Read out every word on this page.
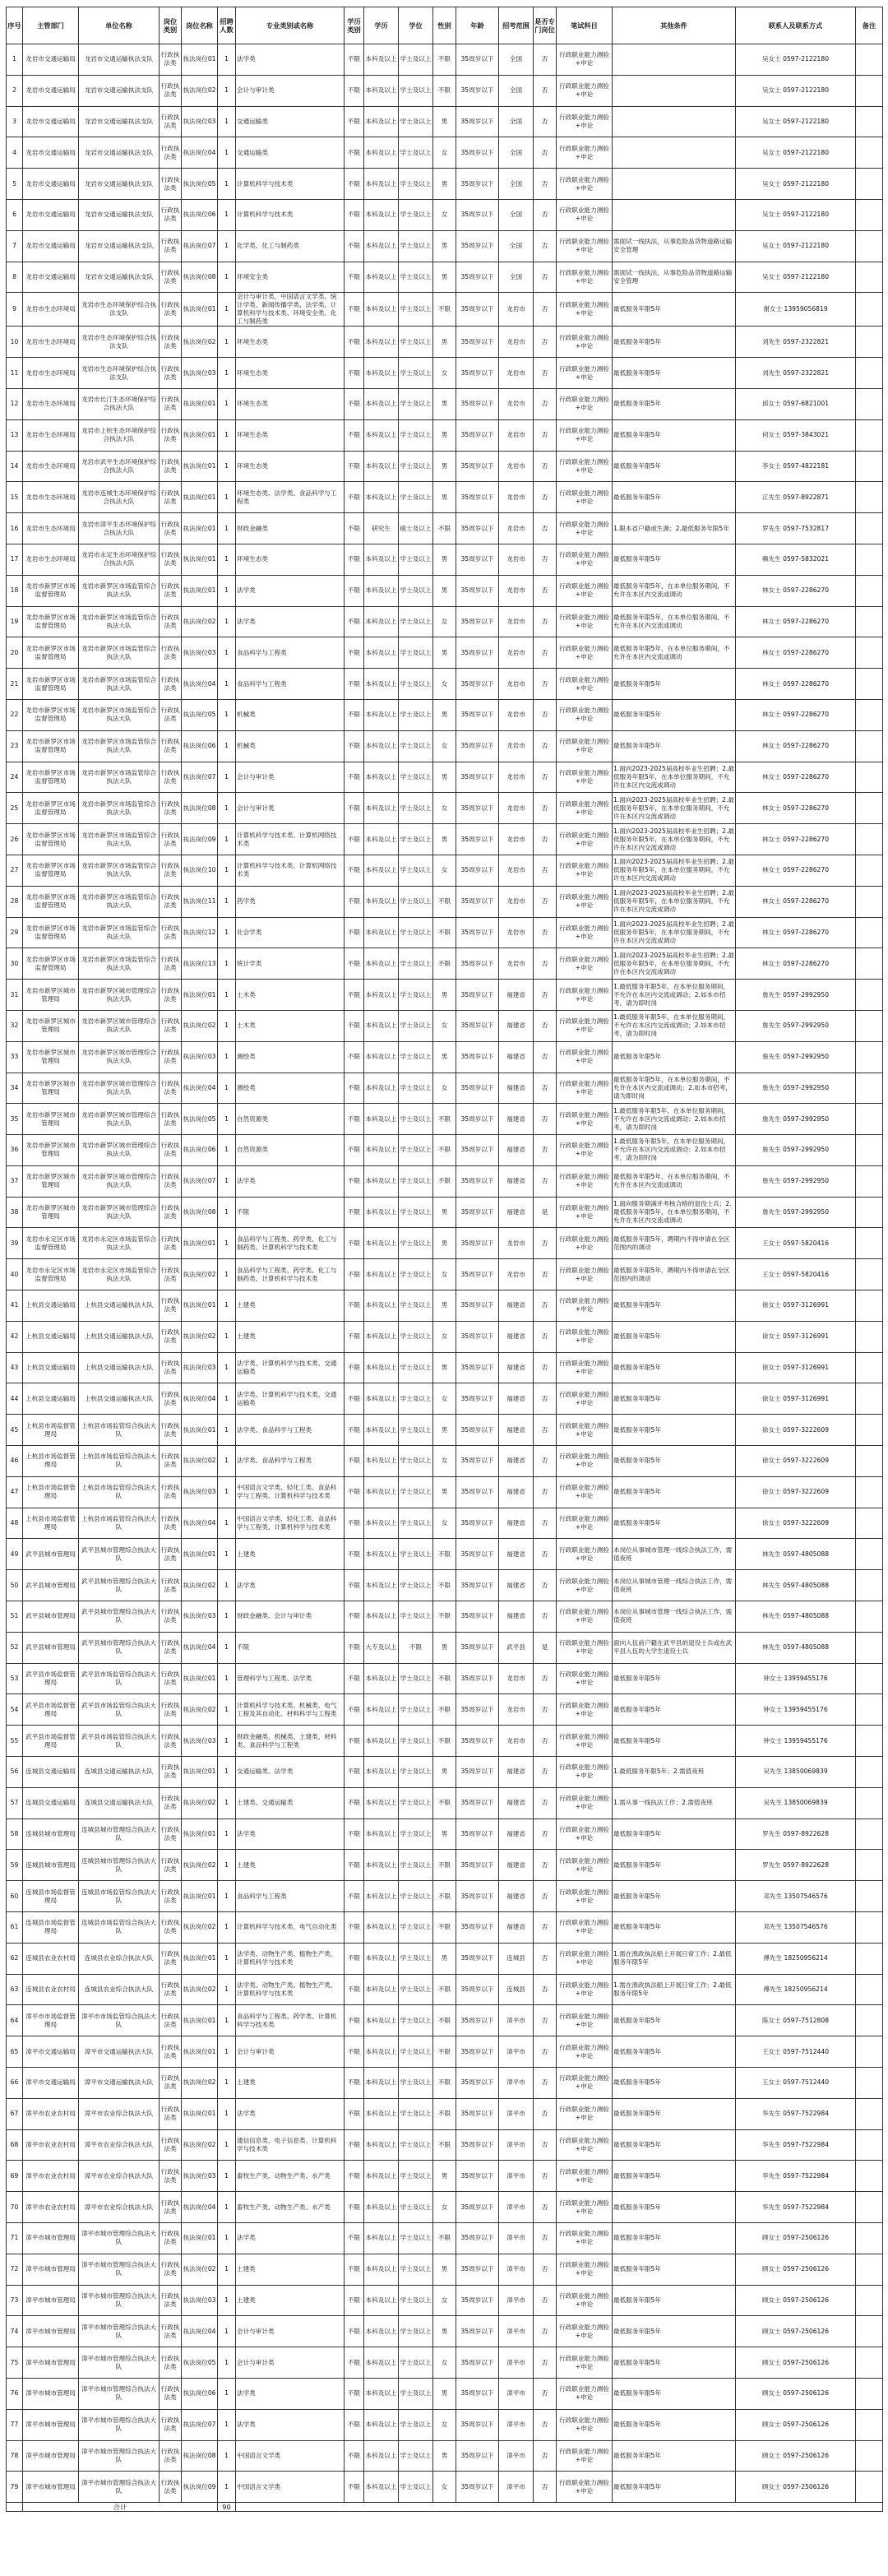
序号	主管部门	单位名称	岗位类别	岗位名称	招聘人数	专业类别或名称	学历类别	学历	学位	性别	年龄	招考范围	是否专门岗位	笔试科目	其他条件	联系人及联系方式	备注
1	龙岩市交通运输局	龙岩市交通运输执法支队	行政执法类	执法岗位01	1	法学类	不限	本科及以上	学士及以上	不限	35周岁以下	全国	否	行政职业能力测验+申论		吴女士 0597-2122180	
2	龙岩市交通运输局	龙岩市交通运输执法支队	行政执法类	执法岗位02	1	会计与审计类	不限	本科及以上	学士及以上	不限	35周岁以下	全国	否	行政职业能力测验+申论		吴女士 0597-2122180	
3	龙岩市交通运输局	龙岩市交通运输执法支队	行政执法类	执法岗位03	1	交通运输类	不限	本科及以上	学士及以上	男	35周岁以下	全国	否	行政职业能力测验+申论		吴女士 0597-2122180	
4	龙岩市交通运输局	龙岩市交通运输执法支队	行政执法类	执法岗位04	1	交通运输类	不限	本科及以上	学士及以上	女	35周岁以下	全国	否	行政职业能力测验+申论		吴女士 0597-2122180	
5	龙岩市交通运输局	龙岩市交通运输执法支队	行政执法类	执法岗位05	1	计算机科学与技术类	不限	本科及以上	学士及以上	男	35周岁以下	全国	否	行政职业能力测验+申论		吴女士 0597-2122180	
6	龙岩市交通运输局	龙岩市交通运输执法支队	行政执法类	执法岗位06	1	计算机科学与技术类	不限	本科及以上	学士及以上	女	35周岁以下	全国	否	行政职业能力测验+申论		吴女士 0597-2122180	
7	龙岩市交通运输局	龙岩市交通运输执法支队	行政执法类	执法岗位07	1	化学类、化工与制药类	不限	本科及以上	学士及以上	男	35周岁以下	全国	否	行政职业能力测验+申论	需面试一线执法，从事危险品货物道路运输安全管理	吴女士 0597-2122180	
8	龙岩市交通运输局	龙岩市交通运输执法支队	行政执法类	执法岗位08	1	环境安全类	不限	本科及以上	学士及以上	男	35周岁以下	全国	否	行政职业能力测验+申论	需面试一线执法，从事危险品货物道路运输安全管理	吴女士 0597-2122180	
9	龙岩市生态环境局	龙岩市生态环境保护综合执法支队	行政执法类	执法岗位01	1	会计与审计类、中国语言文学类、统计学类、新闻传播学类、法学类、计算机科学与技术类、环境安全类、化工与制药类	不限	本科及以上	学士及以上	不限	35周岁以下	龙岩市	否	行政职业能力测验+申论	最低服务年限5年	谢女士 13959056819	
10	龙岩市生态环境局	龙岩市生态环境保护综合执法支队	行政执法类	执法岗位02	1	环境生态类	不限	本科及以上	学士及以上	男	35周岁以下	龙岩市	否	行政职业能力测验+申论	最低服务年限5年	刘先生 0597-2322821	
11	龙岩市生态环境局	龙岩市生态环境保护综合执法支队	行政执法类	执法岗位03	1	环境生态类	不限	本科及以上	学士及以上	女	35周岁以下	龙岩市	否	行政职业能力测验+申论	最低服务年限5年	刘先生 0597-2322821	
12	龙岩市生态环境局	龙岩市长汀生态环境保护综合执法大队	行政执法类	执法岗位01	1	环境生态类	不限	本科及以上	学士及以上	男	35周岁以下	龙岩市	否	行政职业能力测验+申论	最低服务年限5年	邱女士 0597-6821001	
13	龙岩市生态环境局	龙岩市上杭生态环境保护综合执法大队	行政执法类	执法岗位01	1	环境生态类	不限	本科及以上	学士及以上	男	35周岁以下	龙岩市	否	行政职业能力测验+申论	最低服务年限5年	何女士 0597-3843021	
14	龙岩市生态环境局	龙岩市武平生态环境保护综合执法大队	行政执法类	执法岗位01	1	环境生态类	不限	本科及以上	学士及以上	男	35周岁以下	龙岩市	否	行政职业能力测验+申论	最低服务年限5年	李女士 0597-4822181	
15	龙岩市生态环境局	龙岩市连城生态环境保护综合执法大队	行政执法类	执法岗位01	1	环境生态类、法学类、食品科学与工程类	不限	本科及以上	学士及以上	男	35周岁以下	龙岩市	否	行政职业能力测验+申论	最低服务年限5年	江先生 0597-8922871	
16	龙岩市生态环境局	龙岩市漳平生态环境保护综合执法大队	行政执法类	执法岗位01	1	财政金融类	不限	研究生	硕士及以上	不限	35周岁以下	龙岩市	否	行政职业能力测验+申论	1.限本省户籍或生源；2.最低服务年限5年	罗先生 0597-7532817	
17	龙岩市生态环境局	龙岩市永定生态环境保护综合执法大队	行政执法类	执法岗位01	1	环境生态类	不限	本科及以上	学士及以上	男	35周岁以下	龙岩市	否	行政职业能力测验+申论	最低服务年限5年	赖先生 0597-5832021	
18	龙岩市新罗区市场监督管理局	龙岩市新罗区市场监管综合执法大队	行政执法类	执法岗位01	1	法学类	不限	本科及以上	学士及以上	男	35周岁以下	龙岩市	否	行政职业能力测验+申论	最低服务年限5年，在本单位服务期间，不允许在本区内交流或调动	林女士 0597-2286270	
19	龙岩市新罗区市场监督管理局	龙岩市新罗区市场监管综合执法大队	行政执法类	执法岗位02	1	法学类	不限	本科及以上	学士及以上	女	35周岁以下	龙岩市	否	行政职业能力测验+申论	最低服务年限5年，在本单位服务期间，不允许在本区内交流或调动	林女士 0597-2286270	
20	龙岩市新罗区市场监督管理局	龙岩市新罗区市场监管综合执法大队	行政执法类	执法岗位03	1	食品科学与工程类	不限	本科及以上	学士及以上	男	35周岁以下	龙岩市	否	行政职业能力测验+申论	最低服务年限5年，在本单位服务期间，不允许在本区内交流或调动	林女士 0597-2286270	
21	龙岩市新罗区市场监督管理局	龙岩市新罗区市场监管综合执法大队	行政执法类	执法岗位04	1	食品科学与工程类	不限	本科及以上	学士及以上	女	35周岁以下	龙岩市	否	行政职业能力测验+申论	最低服务年限5年	林女士 0597-2286270	
22	龙岩市新罗区市场监督管理局	龙岩市新罗区市场监管综合执法大队	行政执法类	执法岗位05	1	机械类	不限	本科及以上	学士及以上	男	35周岁以下	龙岩市	否	行政职业能力测验+申论	最低服务年限5年	林女士 0597-2286270	
23	龙岩市新罗区市场监督管理局	龙岩市新罗区市场监管综合执法大队	行政执法类	执法岗位06	1	机械类	不限	本科及以上	学士及以上	女	35周岁以下	龙岩市	否	行政职业能力测验+申论	最低服务年限5年	林女士 0597-2286270	
24	龙岩市新罗区市场监督管理局	龙岩市新罗区市场监管综合执法大队	行政执法类	执法岗位07	1	会计与审计类	不限	本科及以上	学士及以上	男	35周岁以下	龙岩市	否	行政职业能力测验+申论	1.面向2023-2025届高校毕业生招聘；2.最低服务年限5年，在本单位服务期间，不允许在本区内交流或调动	林女士 0597-2286270	
25	龙岩市新罗区市场监督管理局	龙岩市新罗区市场监管综合执法大队	行政执法类	执法岗位08	1	会计与审计类	不限	本科及以上	学士及以上	女	35周岁以下	龙岩市	否	行政职业能力测验+申论	1.面向2023-2025届高校毕业生招聘；2.最低服务年限5年，在本单位服务期间，不允许在本区内交流或调动	林女士 0597-2286270	
26	龙岩市新罗区市场监督管理局	龙岩市新罗区市场监管综合执法大队	行政执法类	执法岗位09	1	计算机科学与技术类、计算机网络技术类	不限	本科及以上	学士及以上	男	35周岁以下	龙岩市	否	行政职业能力测验+申论	1.面向2023-2025届高校毕业生招聘；2.最低服务年限5年，在本单位服务期间，不允许在本区内交流或调动	林女士 0597-2286270	
27	龙岩市新罗区市场监督管理局	龙岩市新罗区市场监管综合执法大队	行政执法类	执法岗位10	1	计算机科学与技术类、计算机网络技术类	不限	本科及以上	学士及以上	女	35周岁以下	龙岩市	否	行政职业能力测验+申论	1.面向2023-2025届高校毕业生招聘；2.最低服务年限5年，在本单位服务期间，不允许在本区内交流或调动	林女士 0597-2286270	
28	龙岩市新罗区市场监督管理局	龙岩市新罗区市场监管综合执法大队	行政执法类	执法岗位11	1	药学类	不限	本科及以上	学士及以上	不限	35周岁以下	龙岩市	否	行政职业能力测验+申论	1.面向2023-2025届高校毕业生招聘；2.最低服务年限5年，在本单位服务期间，不允许在本区内交流或调动	林女士 0597-2286270	
29	龙岩市新罗区市场监督管理局	龙岩市新罗区市场监管综合执法大队	行政执法类	执法岗位12	1	社会学类	不限	本科及以上	学士及以上	不限	35周岁以下	龙岩市	否	行政职业能力测验+申论	1.面向2023-2025届高校毕业生招聘；2.最低服务年限5年，在本单位服务期间，不允许在本区内交流或调动	林女士 0597-2286270	
30	龙岩市新罗区市场监督管理局	龙岩市新罗区市场监管综合执法大队	行政执法类	执法岗位13	1	统计学类	不限	本科及以上	学士及以上	不限	35周岁以下	龙岩市	否	行政职业能力测验+申论	1.面向2023-2025届高校毕业生招聘；2.最低服务年限5年，在本单位服务期间，不允许在本区内交流或调动	林女士 0597-2286270	
31	龙岩市新罗区城市管理局	龙岩市新罗区城市管理综合执法大队	行政执法类	执法岗位01	1	土木类	不限	本科及以上	学士及以上	男	35周岁以下	福建省	否	行政职业能力测验+申论	1.最低服务年限5年，在本单位服务期间，不允许在本区内交流或调动；2.如本市招考，请为即时岗	詹先生 0597-2992950	
32	龙岩市新罗区城市管理局	龙岩市新罗区城市管理综合执法大队	行政执法类	执法岗位02	1	土木类	不限	本科及以上	学士及以上	女	35周岁以下	福建省	否	行政职业能力测验+申论	1.最低服务年限5年，在本单位服务期间，不允许在本区内交流或调动；2.如本市招考，请为即时岗	詹先生 0597-2992950	
33	龙岩市新罗区城市管理局	龙岩市新罗区城市管理综合执法大队	行政执法类	执法岗位03	1	测绘类	不限	本科及以上	学士及以上	男	35周岁以下	福建省	否	行政职业能力测验+申论	最低服务年限5年	詹先生 0597-2992950	
34	龙岩市新罗区城市管理局	龙岩市新罗区城市管理综合执法大队	行政执法类	执法岗位04	1	测绘类	不限	本科及以上	学士及以上	女	35周岁以下	福建省	否	行政职业能力测验+申论	最低服务年限5年，在本单位服务期间，不允许在本区内交流或调动；2.如本市招考，请为即时岗	詹先生 0597-2992950	
35	龙岩市新罗区城市管理局	龙岩市新罗区城市管理综合执法大队	行政执法类	执法岗位05	1	自然资源类	不限	本科及以上	学士及以上	不限	35周岁以下	福建省	否	行政职业能力测验+申论	1.最低服务年限5年，在本单位服务期间，不允许在本区内交流或调动；2.如本市招考，请为即时岗	詹先生 0597-2992950	
36	龙岩市新罗区城市管理局	龙岩市新罗区城市管理综合执法大队	行政执法类	执法岗位06	1	自然资源类	不限	本科及以上	学士及以上	不限	35周岁以下	福建省	否	行政职业能力测验+申论	1.最低服务年限5年，在本单位服务期间，不允许在本区内交流或调动；2.如本市招考，请为即时岗	詹先生 0597-2992950	
37	龙岩市新罗区城市管理局	龙岩市新罗区城市管理综合执法大队	行政执法类	执法岗位07	1	法学类	不限	本科及以上	学士及以上	不限	35周岁以下	福建省	否	行政职业能力测验+申论	最低服务年限5年，在本单位服务期间，不允许在本区内交流或调动	詹先生 0597-2992950	
38	龙岩市新罗区城市管理局	龙岩市新罗区城市管理综合执法大队	行政执法类	执法岗位08	1	不限	不限	本科及以上	学士及以上	男	35周岁以下	福建省	是	行政职业能力测验+申论	1.面向服务期满并考核合格的退役士兵；2.最低服务年限5年，在本单位服务期间，不允许在本区内交流或调动	詹先生 0597-2992950	
39	龙岩市永定区市场监督管理局	龙岩市永定区市场监管综合执法大队	行政执法类	执法岗位01	1	食品科学与工程类、药学类、化工与制药类、计算机科学与技术类	不限	本科及以上	学士及以上	男	35周岁以下	龙岩市	否	行政职业能力测验+申论	最低服务年限5年，聘期内不得申请在全区范围内的调动	王女士 0597-5820416	
40	龙岩市永定区市场监督管理局	龙岩市永定区市场监管综合执法大队	行政执法类	执法岗位02	1	食品科学与工程类、药学类、化工与制药类、计算机科学与技术类	不限	本科及以上	学士及以上	女	35周岁以下	龙岩市	否	行政职业能力测验+申论	最低服务年限5年，聘期内不得申请在全区范围内的调动	王女士 0597-5820416	
41	上杭县交通运输局	上杭县交通运输执法大队	行政执法类	执法岗位01	1	土建类	不限	本科及以上	学士及以上	男	35周岁以下	福建省	否	行政职业能力测验+申论	最低服务年限5年	徐女士 0597-3126991	
42	上杭县交通运输局	上杭县交通运输执法大队	行政执法类	执法岗位02	1	土建类	不限	本科及以上	学士及以上	女	35周岁以下	福建省	否	行政职业能力测验+申论	最低服务年限5年	徐女士 0597-3126991	
43	上杭县交通运输局	上杭县交通运输执法大队	行政执法类	执法岗位03	1	法学类、计算机科学与技术类、交通运输类	不限	本科及以上	学士及以上	男	35周岁以下	福建省	否	行政职业能力测验+申论	最低服务年限5年	徐女士 0597-3126991	
44	上杭县交通运输局	上杭县交通运输执法大队	行政执法类	执法岗位04	1	法学类、计算机科学与技术类、交通运输类	不限	本科及以上	学士及以上	女	35周岁以下	福建省	否	行政职业能力测验+申论	最低服务年限5年	徐女士 0597-3126991	
45	上杭县市场监督管理局	上杭县市场监管综合执法大队	行政执法类	执法岗位01	1	法学类、食品科学与工程类	不限	本科及以上	学士及以上	男	35周岁以下	福建省	否	行政职业能力测验+申论	最低服务年限5年	徐女士 0597-3222609	
46	上杭县市场监督管理局	上杭县市场监管综合执法大队	行政执法类	执法岗位02	1	法学类、食品科学与工程类	不限	本科及以上	学士及以上	女	35周岁以下	福建省	否	行政职业能力测验+申论	最低服务年限5年	徐女士 0597-3222609	
47	上杭县市场监督管理局	上杭县市场监管综合执法大队	行政执法类	执法岗位03	1	中国语言文学类、轻化工类、食品科学与工程类、计算机科学与技术类	不限	本科及以上	学士及以上	男	35周岁以下	福建省	否	行政职业能力测验+申论	最低服务年限5年	徐女士 0597-3222609	
48	上杭县市场监督管理局	上杭县市场监管综合执法大队	行政执法类	执法岗位04	1	中国语言文学类、轻化工类、食品科学与工程类、计算机科学与技术类	不限	本科及以上	学士及以上	女	35周岁以下	福建省	否	行政职业能力测验+申论	最低服务年限5年	徐女士 0597-3222609	
49	武平县城市管理局	武平县城市管理综合执法大队	行政执法类	执法岗位01	1	土建类	不限	本科及以上	学士及以上	不限	35周岁以下	福建省	否	行政职业能力测验+申论	本岗位从事城市管理一线综合执法工作，需值夜班	林先生 0597-4805088	
50	武平县城市管理局	武平县城市管理综合执法大队	行政执法类	执法岗位02	1	法学类	不限	本科及以上	学士及以上	不限	35周岁以下	福建省	否	行政职业能力测验+申论	本岗位从事城市管理一线综合执法工作，需值夜班	林先生 0597-4805088	
51	武平县城市管理局	武平县城市管理综合执法大队	行政执法类	执法岗位03	1	财政金融类、会计与审计类	不限	本科及以上	学士及以上	不限	35周岁以下	福建省	否	行政职业能力测验+申论	本岗位从事城市管理一线综合执法工作，需值夜班	林先生 0597-4805088	
52	武平县城市管理局	武平县城市管理综合执法大队	行政执法类	执法岗位04	1	不限	不限	大专及以上	不限	男	35周岁以下	武平县	是	行政职业能力测验+申论	面向入伍前户籍在武平县的退役士兵或在武平县入伍的大学生退役士兵	林先生 0597-4805088	
53	武平县市场监督管理局	武平县市场监管综合执法大队	行政执法类	执法岗位01	1	管理科学与工程类、法学类	不限	本科及以上	学士及以上	不限	35周岁以下	龙岩市	否	行政职业能力测验+申论	最低服务年限5年	钟女士 13959455176	
54	武平县市场监督管理局	武平县市场监管综合执法大队	行政执法类	执法岗位02	1	计算机科学与技术类、机械类、电气工程及其自动化、材料科学与工程类	不限	本科及以上	学士及以上	不限	35周岁以下	龙岩市	否	行政职业能力测验+申论	最低服务年限5年	钟女士 13959455176	
55	武平县市场监督管理局	武平县市场监管综合执法大队	行政执法类	执法岗位03	1	财政金融类、机械类、土建类、材料类、食品科学与工程类	不限	本科及以上	学士及以上	不限	35周岁以下	龙岩市	否	行政职业能力测验+申论	最低服务年限5年	钟女士 13959455176	
56	连城县交通运输局	连城县交通运输执法大队	行政执法类	执法岗位01	1	交通运输类、法学类	不限	本科及以上	学士及以上	男	35周岁以下	福建省	否	行政职业能力测验+申论	1.最低服务年限5年；2.需值夜班	吴先生 13850069839	
57	连城县交通运输局	连城县交通运输执法大队	行政执法类	执法岗位02	1	土建类、交通运输类	不限	本科及以上	学士及以上	不限	35周岁以下	福建省	否	行政职业能力测验+申论	1.需从事一线执法工作；2.需值夜班	吴先生 13850069839	
58	连城县城市管理局	连城县城市管理综合执法大队	行政执法类	执法岗位01	1	法学类	不限	本科及以上	学士及以上	男	35周岁以下	福建省	否	行政职业能力测验+申论	最低服务年限5年	罗先生 0597-8922628	
59	连城县城市管理局	连城县城市管理综合执法大队	行政执法类	执法岗位02	1	土建类	不限	本科及以上	学士及以上	不限	35周岁以下	福建省	否	行政职业能力测验+申论	最低服务年限5年	罗先生 0597-8922628	
60	连城县市场监督管理局	连城县市场监管综合执法大队	行政执法类	执法岗位01	1	食品科学与工程类	不限	本科及以上	学士及以上	不限	35周岁以下	福建省	否	行政职业能力测验+申论	最低服务年限5年	邓先生 13507546576	
61	连城县市场监督管理局	连城县市场监管综合执法大队	行政执法类	执法岗位02	1	计算机科学与技术类、电气自动化类	不限	本科及以上	学士及以上	不限	35周岁以下	福建省	否	行政职业能力测验+申论	最低服务年限5年	邓先生 13507546576	
62	连城县农业农村局	连城县农业综合执法大队	行政执法类	执法岗位01	1	法学类、动物生产类、植物生产类、计算机科学与技术类	不限	本科及以上	学士及以上	男	35周岁以下	连城县	否	行政职业能力测验+申论	1.需在渔政执法船上开展日常工作；2.最低服务年限5年	傅先生 18250956214	
63	连城县农业农村局	连城县农业综合执法大队	行政执法类	执法岗位02	1	法学类、动物生产类、植物生产类、计算机科学与技术类	不限	本科及以上	学士及以上	不限	35周岁以下	连城县	否	行政职业能力测验+申论	1.需在渔政执法船上开展日常工作；2.最低服务年限5年	傅先生 18250956214	
64	漳平市市场监督管理局	漳平市市场监管综合执法大队	行政执法类	执法岗位01	1	食品科学与工程类、药学类、计算机科学与技术类	不限	本科及以上	学士及以上	不限	35周岁以下	漳平市	否	行政职业能力测验+申论	最低服务年限5年	陈女士 0597-7512808	
65	漳平市交通运输局	漳平市交通运输执法大队	行政执法类	执法岗位01	1	会计与审计类	不限	本科及以上	学士及以上	不限	35周岁以下	漳平市	否	行政职业能力测验+申论	最低服务年限5年	王女士 0597-7512440	
66	漳平市交通运输局	漳平市交通运输执法大队	行政执法类	执法岗位02	1	土建类	不限	本科及以上	学士及以上	不限	35周岁以下	漳平市	否	行政职业能力测验+申论	最低服务年限5年	王女士 0597-7512440	
67	漳平市农业农村局	漳平市农业综合执法大队	行政执法类	执法岗位01	1	法学类	不限	本科及以上	学士及以上	不限	35周岁以下	漳平市	否	行政职业能力测验+申论	最低服务年限5年	华先生 0597-7522984	
68	漳平市农业农村局	漳平市农业综合执法大队	行政执法类	执法岗位02	1	通信信息类、电子信息类、计算机科学与技术类	不限	本科及以上	学士及以上	不限	35周岁以下	漳平市	否	行政职业能力测验+申论	最低服务年限5年	华先生 0597-7522984	
69	漳平市农业农村局	漳平市农业综合执法大队	行政执法类	执法岗位03	1	畜牧生产类、动物生产类、水产类	不限	本科及以上	学士及以上	男	35周岁以下	漳平市	否	行政职业能力测验+申论	最低服务年限5年	华先生 0597-7522984	
70	漳平市农业农村局	漳平市农业综合执法大队	行政执法类	执法岗位04	1	畜牧生产类、动物生产类、水产类	不限	本科及以上	学士及以上	女	35周岁以下	漳平市	否	行政职业能力测验+申论	最低服务年限5年	华先生 0597-7522984	
71	漳平市城市管理局	漳平市城市管理综合执法大队	行政执法类	执法岗位01	1	法学类	不限	本科及以上	学士及以上	不限	35周岁以下	漳平市	否	行政职业能力测验+申论	最低服务年限5年	顾女士 0597-2506126	
72	漳平市城市管理局	漳平市城市管理综合执法大队	行政执法类	执法岗位02	1	土建类	不限	本科及以上	学士及以上	男	35周岁以下	漳平市	否	行政职业能力测验+申论	最低服务年限5年	顾女士 0597-2506126	
73	漳平市城市管理局	漳平市城市管理综合执法大队	行政执法类	执法岗位03	1	土建类	不限	本科及以上	学士及以上	女	35周岁以下	漳平市	否	行政职业能力测验+申论	最低服务年限5年	顾女士 0597-2506126	
74	漳平市城市管理局	漳平市城市管理综合执法大队	行政执法类	执法岗位04	1	会计与审计类	不限	本科及以上	学士及以上	男	35周岁以下	漳平市	否	行政职业能力测验+申论	最低服务年限5年	顾女士 0597-2506126	
75	漳平市城市管理局	漳平市城市管理综合执法大队	行政执法类	执法岗位05	1	会计与审计类	不限	本科及以上	学士及以上	女	35周岁以下	漳平市	否	行政职业能力测验+申论	最低服务年限5年	顾女士 0597-2506126	
76	漳平市城市管理局	漳平市城市管理综合执法大队	行政执法类	执法岗位06	1	法学类	不限	本科及以上	学士及以上	男	35周岁以下	漳平市	否	行政职业能力测验+申论	最低服务年限5年	顾女士 0597-2506126	
77	漳平市城市管理局	漳平市城市管理综合执法大队	行政执法类	执法岗位07	1	法学类	不限	本科及以上	学士及以上	女	35周岁以下	漳平市	否	行政职业能力测验+申论	最低服务年限5年	顾女士 0597-2506126	
78	漳平市城市管理局	漳平市城市管理综合执法大队	行政执法类	执法岗位08	1	中国语言文学类	不限	本科及以上	学士及以上	男	35周岁以下	漳平市	否	行政职业能力测验+申论	最低服务年限5年	顾女士 0597-2506126	
79	漳平市城市管理局	漳平市城市管理综合执法大队	行政执法类	执法岗位09	1	中国语言文学类	不限	本科及以上	学士及以上	女	35周岁以下	漳平市	否	行政职业能力测验+申论	最低服务年限5年	顾女士 0597-2506126	
	合计				90												
